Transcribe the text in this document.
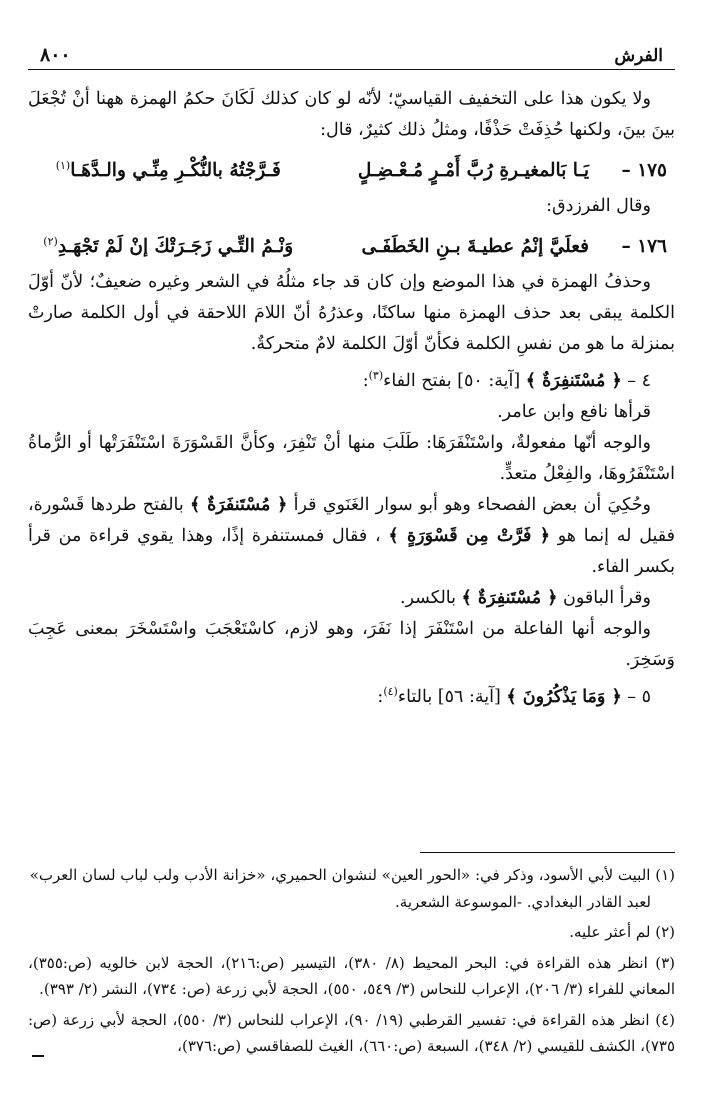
الفرش
٨٠٠

ولا يكون هذا على التخفيف القياسيّ؛ لأنّه لو كان كذلك لَكَانَ حكمُ الهمزة ههنا أنْ تُجْعَلَ بينَ بينَ، ولكنها حُذِفَتْ حَذْفًا، ومثلُ ذلك كثيرٌ، قال:

١٧٥ –
يَـا بَالمغيـرةِ رُبَّ أَمْـرٍ مُـعْـضِـلٍ
فَـرَّجْتُهُ بالنُّكْـرِ مِنِّـي والـدَّهَـا$^{(١)}$

وقال الفرزدق:

١٧٦ –
فعلَيَّ إنْمُ عطيـةَ بـنِ الخَطَفَـى
وَنْـمُ التِّـي زَجَـرَتْكَ إنْ لَمْ تَجْهَـدِ$^{(٢)}$

وحذفُ الهمزة في هذا الموضع وإن كان قد جاء مثلُهُ في الشعر وغيره ضعيفٌ؛ لأنّ أوّلَ الكلمة يبقى بعد حذف الهمزة منها ساكنًا، وعذرُهُ أنّ اللامَ اللاحقة في أول الكلمة صارتْ بمنزلة ما هو من نفسِ الكلمة فكأنّ أوّلَ الكلمة لامٌ متحركةٌ.

٤ – ﴿ مُسْتَنفِرَةٌ ﴾ [آية: ٥٠] بفتح الفاء$^{(٣)}$:

قرأها نافع وابن عامر.

والوجه أنّها مفعولةٌ، واسْتَنْفَرَهَا: طَلَبَ منها أنْ تَنْفِرَ، وكأنَّ القَسْوَرَةَ اسْتَنْفَرَتْها أو الرُّماةُ اسْتَنْفَرُوهَا، والفِعْلُ متعدٍّ.

وحُكِيَ أن بعض الفصحاء وهو أبو سوار الغَنَوي قرأ ﴿ مُسْتَنفَرَةٌ ﴾ بالفتح طردها قَسْورة، فقيل له إنما هو ﴿ فَرَّتْ مِن قَسْوَرَةٍ ﴾ ، فقال فمستنفرة إذًا، وهذا يقوي قراءة من قرأ بكسر الفاء.

وقرأ الباقون ﴿ مُسْتَنفِرَةٌ ﴾ بالكسر.

والوجه أنها الفاعلة من اسْتَنْفَرَ إذا نَفَرَ، وهو لازم، كاسْتَعْجَبَ واسْتَسْخَرَ بمعنى عَجِبَ وَسَخِرَ.

٥ – ﴿ وَمَا يَذْكُرُونَ ﴾ [آية: ٥٦] بالتاء$^{(٤)}$:

(١) البيت لأبي الأسود، وذكر في: «الحور العين» لنشوان الحميري، «خزانة الأدب ولب لباب لسان العرب»

لعبد القادر البغدادي. -الموسوعة الشعرية.

(٢) لم أعثر عليه.

(٣) انظر هذه القراءة في: البحر المحيط (٨/ ٣٨٠)، التيسير (ص:٢١٦)، الحجة لابن خالويه (ص:٣٥٥)، المعاني للفراء (٣/ ٢٠٦)، الإعراب للنحاس (٣/ ٥٤٩، ٥٥٠)، الحجة لأبي زرعة (ص: ٧٣٤)، النشر (٢/ ٣٩٣).

(٤) انظر هذه القراءة في: تفسير القرطبي (١٩/ ٩٠)، الإعراب للنحاس (٣/ ٥٥٠)، الحجة لأبي زرعة (ص: ٧٣٥)، الكشف للقيسي (٢/ ٣٤٨)، السبعة (ص:٦٦٠)، الغيث للصفاقسي (ص:٣٧٦)،
